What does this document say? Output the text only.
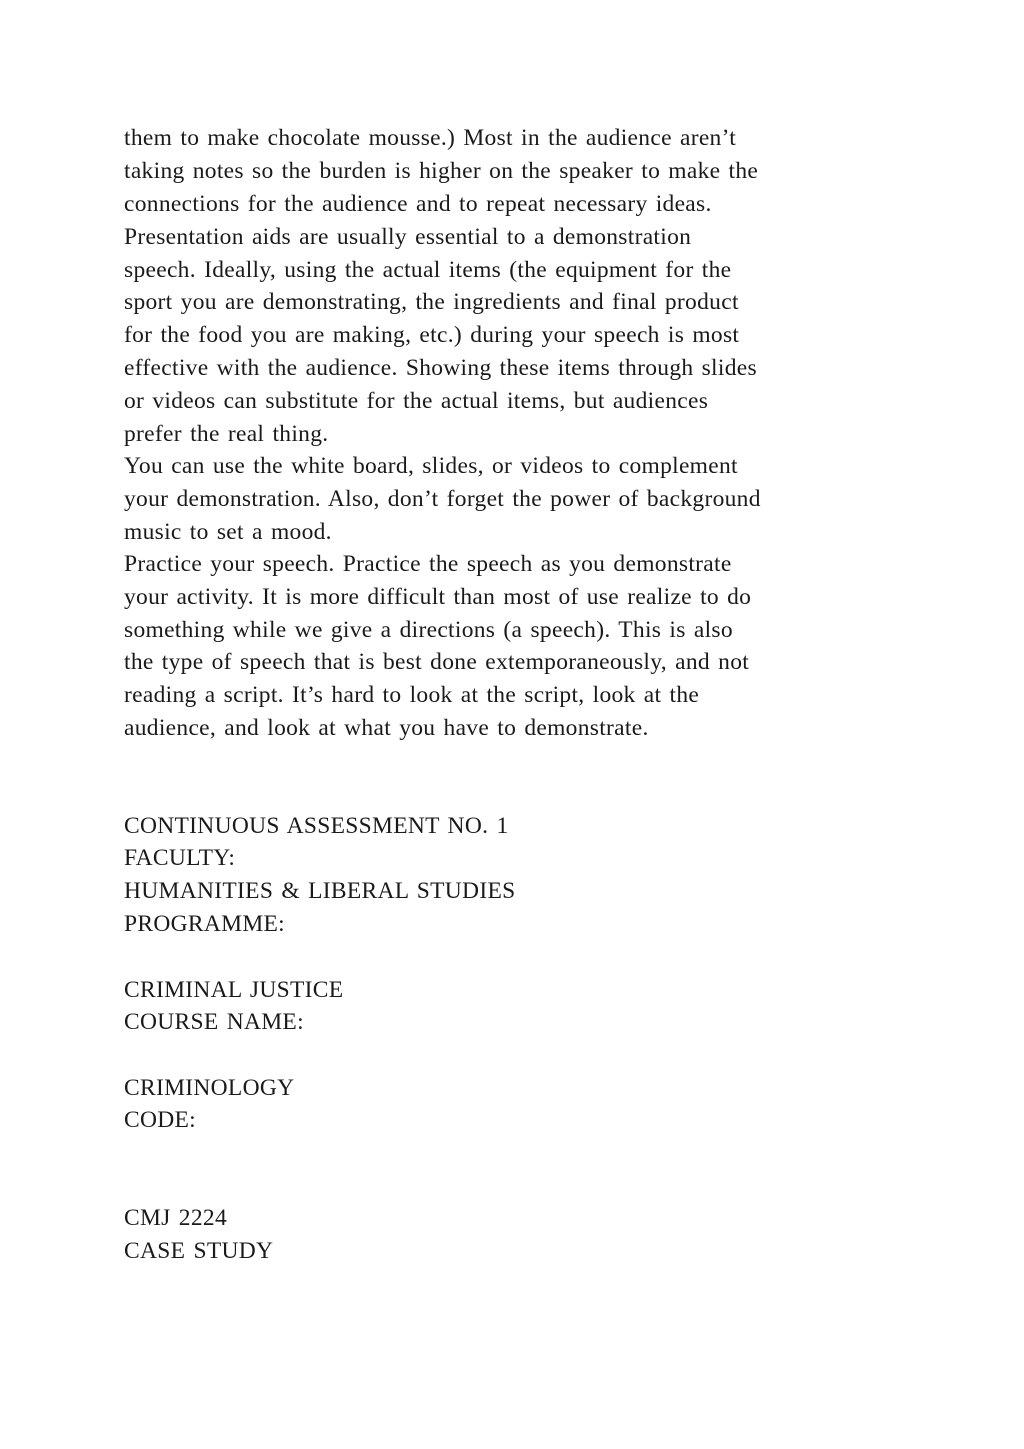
them to make chocolate mousse.) Most in the audience aren’t
taking notes so the burden is higher on the speaker to make the
connections for the audience and to repeat necessary ideas.
Presentation aids are usually essential to a demonstration
speech. Ideally, using the actual items (the equipment for the
sport you are demonstrating, the ingredients and final product
for the food you are making, etc.) during your speech is most
effective with the audience. Showing these items through slides
or videos can substitute for the actual items, but audiences
prefer the real thing.
You can use the white board, slides, or videos to complement
your demonstration. Also, don’t forget the power of background
music to set a mood.
Practice your speech. Practice the speech as you demonstrate
your activity. It is more difficult than most of use realize to do
something while we give a directions (a speech). This is also
the type of speech that is best done extemporaneously, and not
reading a script. It’s hard to look at the script, look at the
audience, and look at what you have to demonstrate.
CONTINUOUS ASSESSMENT NO. 1
FACULTY:
HUMANITIES & LIBERAL STUDIES
PROGRAMME:
CRIMINAL JUSTICE
COURSE NAME:
CRIMINOLOGY
CODE:
CMJ 2224
CASE STUDY
